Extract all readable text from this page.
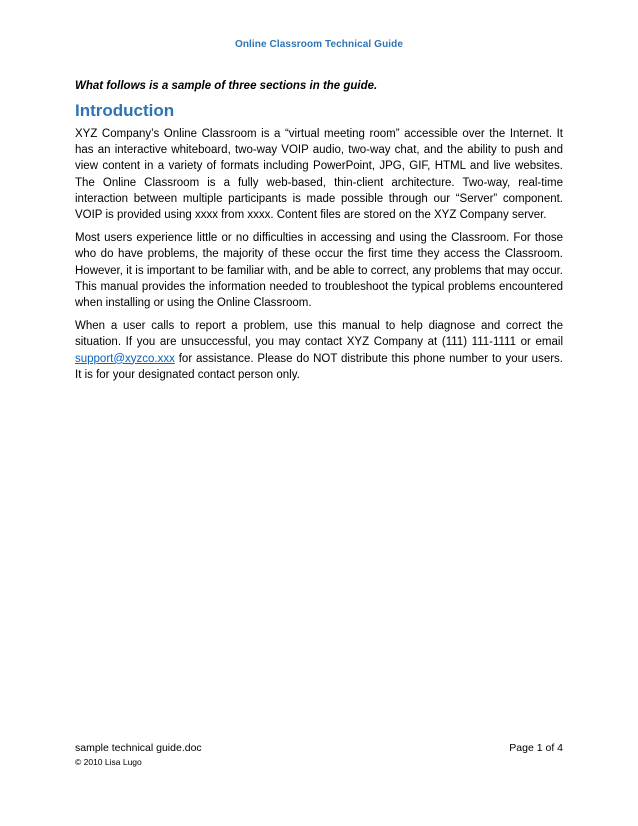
Online Classroom Technical Guide

What follows is a sample of three sections in the guide.

Introduction

XYZ Company’s Online Classroom is a “virtual meeting room” accessible over the Internet. It has an interactive whiteboard, two-way VOIP audio, two-way chat, and the ability to push and view content in a variety of formats including PowerPoint, JPG, GIF, HTML and live websites. The Online Classroom is a fully web-based, thin-client architecture. Two-way, real-time interaction between multiple participants is made possible through our “Server” component. VOIP is provided using xxxx from xxxx. Content files are stored on the XYZ Company server.

Most users experience little or no difficulties in accessing and using the Classroom. For those who do have problems, the majority of these occur the first time they access the Classroom. However, it is important to be familiar with, and be able to correct, any problems that may occur. This manual provides the information needed to troubleshoot the typical problems encountered when installing or using the Online Classroom.

When a user calls to report a problem, use this manual to help diagnose and correct the situation. If you are unsuccessful, you may contact XYZ Company at (111) 111-1111 or email support@xyzco.xxx for assistance. Please do NOT distribute this phone number to your users. It is for your designated contact person only.

sample technical guide.doc	Page 1 of 4
© 2010 Lisa Lugo
